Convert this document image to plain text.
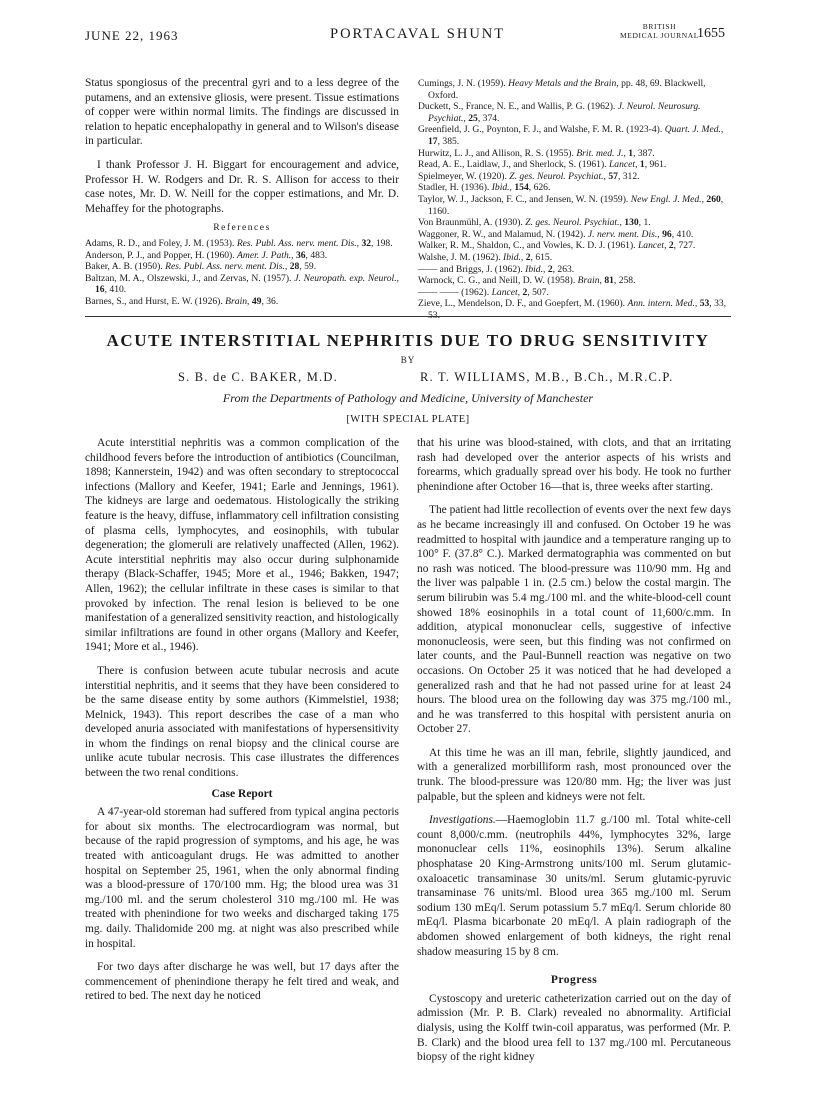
JUNE 22, 1963	PORTACAVAL SHUNT	BRITISH
MEDICAL JOURNAL
1655

Status spongiosus of the precentral gyri and to a less degree of the putamens, and an extensive gliosis, were present. Tissue estimations of copper were within normal limits. The findings are discussed in relation to hepatic encephalopathy in general and to Wilson's disease in particular.

I thank Professor J. H. Biggart for encouragement and advice, Professor H. W. Rodgers and Dr. R. S. Allison for access to their case notes, Mr. D. W. Neill for the copper estimations, and Mr. D. Mehaffey for the photographs.

References
Adams, R. D., and Foley, J. M. (1953). Res. Publ. Ass. nerv. ment. Dis., 32, 198.
Anderson, P. J., and Popper, H. (1960). Amer. J. Path., 36, 483.
Baker, A. B. (1950). Res. Publ. Ass. nerv. ment. Dis., 28, 59.
Baltzan, M. A., Olszewski, J., and Zervas, N. (1957). J. Neuropath. exp. Neurol., 16, 410.
Barnes, S., and Hurst, E. W. (1926). Brain, 49, 36.
Cumings, J. N. (1959). Heavy Metals and the Brain, pp. 48, 69. Blackwell, Oxford.
Duckett, S., France, N. E., and Wallis, P. G. (1962). J. Neurol. Neurosurg. Psychiat., 25, 374.
Greenfield, J. G., Poynton, F. J., and Walshe, F. M. R. (1923-4). Quart. J. Med., 17, 385.
Hurwitz, L. J., and Allison, R. S. (1955). Brit. med. J., 1, 387.
Read, A. E., Laidlaw, J., and Sherlock, S. (1961). Lancet, 1, 961.
Spielmeyer, W. (1920). Z. ges. Neurol. Psychiat., 57, 312.
Stadler, H. (1936). Ibid., 154, 626.
Taylor, W. J., Jackson, F. C., and Jensen, W. N. (1959). New Engl. J. Med., 260, 1160.
Von Braunmühl, A. (1930). Z. ges. Neurol. Psychiat., 130, 1.
Waggoner, R. W., and Malamud, N. (1942). J. nerv. ment. Dis., 96, 410.
Walker, R. M., Shaldon, C., and Vowles, K. D. J. (1961). Lancet, 2, 727.
Walshe, J. M. (1962). Ibid., 2, 615.
—— and Briggs, J. (1962). Ibid., 2, 263.
Warnock, C. G., and Neill, D. W. (1958). Brain, 81, 258.
—— —— (1962). Lancet, 2, 507.
Zieve, L., Mendelson, D. F., and Goepfert, M. (1960). Ann. intern. Med., 53, 33, 53.
ACUTE INTERSTITIAL NEPHRITIS DUE TO DRUG SENSITIVITY
BY
S. B. de C. BAKER, M.D.	R. T. WILLIAMS, M.B., B.Ch., M.R.C.P.
From the Departments of Pathology and Medicine, University of Manchester
[WITH SPECIAL PLATE]

Acute interstitial nephritis was a common complication of the childhood fevers before the introduction of antibiotics (Councilman, 1898; Kannerstein, 1942) and was often secondary to streptococcal infections (Mallory and Keefer, 1941; Earle and Jennings, 1961). The kidneys are large and oedematous. Histologically the striking feature is the heavy, diffuse, inflammatory cell infiltration consisting of plasma cells, lymphocytes, and eosinophils, with tubular degeneration; the glomeruli are relatively unaffected (Allen, 1962). Acute interstitial nephritis may also occur during sulphonamide therapy (Black-Schaffer, 1945; More et al., 1946; Bakken, 1947; Allen, 1962); the cellular infiltrate in these cases is similar to that provoked by infection. The renal lesion is believed to be one manifestation of a generalized sensitivity reaction, and histologically similar infiltrations are found in other organs (Mallory and Keefer, 1941; More et al., 1946).

There is confusion between acute tubular necrosis and acute interstitial nephritis, and it seems that they have been considered to be the same disease entity by some authors (Kimmelstiel, 1938; Melnick, 1943). This report describes the case of a man who developed anuria associated with manifestations of hypersensitivity in whom the findings on renal biopsy and the clinical course are unlike acute tubular necrosis. This case illustrates the differences between the two renal conditions.

Case Report

A 47-year-old storeman had suffered from typical angina pectoris for about six months. The electrocardiogram was normal, but because of the rapid progression of symptoms, and his age, he was treated with anticoagulant drugs. He was admitted to another hospital on September 25, 1961, when the only abnormal finding was a blood-pressure of 170/100 mm. Hg; the blood urea was 31 mg./100 ml. and the serum cholesterol 310 mg./100 ml. He was treated with phenindione for two weeks and discharged taking 175 mg. daily. Thalidomide 200 mg. at night was also prescribed while in hospital.

For two days after discharge he was well, but 17 days after the commencement of phenindione therapy he felt tired and weak, and retired to bed. The next day he noticed

that his urine was blood-stained, with clots, and that an irritating rash had developed over the anterior aspects of his wrists and forearms, which gradually spread over his body. He took no further phenindione after October 16—that is, three weeks after starting.

The patient had little recollection of events over the next few days as he became increasingly ill and confused. On October 19 he was readmitted to hospital with jaundice and a temperature ranging up to 100° F. (37.8° C.). Marked dermatographia was commented on but no rash was noticed. The blood-pressure was 110/90 mm. Hg and the liver was palpable 1 in. (2.5 cm.) below the costal margin. The serum bilirubin was 5.4 mg./100 ml. and the white-blood-cell count showed 18% eosinophils in a total count of 11,600/c.mm. In addition, atypical mononuclear cells, suggestive of infective mononucleosis, were seen, but this finding was not confirmed on later counts, and the Paul-Bunnell reaction was negative on two occasions. On October 25 it was noticed that he had developed a generalized rash and that he had not passed urine for at least 24 hours. The blood urea on the following day was 375 mg./100 ml., and he was transferred to this hospital with persistent anuria on October 27.

At this time he was an ill man, febrile, slightly jaundiced, and with a generalized morbilliform rash, most pronounced over the trunk. The blood-pressure was 120/80 mm. Hg; the liver was just palpable, but the spleen and kidneys were not felt.

Investigations.—Haemoglobin 11.7 g./100 ml. Total white-cell count 8,000/c.mm. (neutrophils 44%, lymphocytes 32%, large mononuclear cells 11%, eosinophils 13%). Serum alkaline phosphatase 20 King-Armstrong units/100 ml. Serum glutamic-oxaloacetic transaminase 30 units/ml. Serum glutamic-pyruvic transaminase 76 units/ml. Blood urea 365 mg./100 ml. Serum sodium 130 mEq/l. Serum potassium 5.7 mEq/l. Serum chloride 80 mEq/l. Plasma bicarbonate 20 mEq/l. A plain radiograph of the abdomen showed enlargement of both kidneys, the right renal shadow measuring 15 by 8 cm.

Progress

Cystoscopy and ureteric catheterization carried out on the day of admission (Mr. P. B. Clark) revealed no abnormality. Artificial dialysis, using the Kolff twin-coil apparatus, was performed (Mr. P. B. Clark) and the blood urea fell to 137 mg./100 ml. Percutaneous biopsy of the right kidney
